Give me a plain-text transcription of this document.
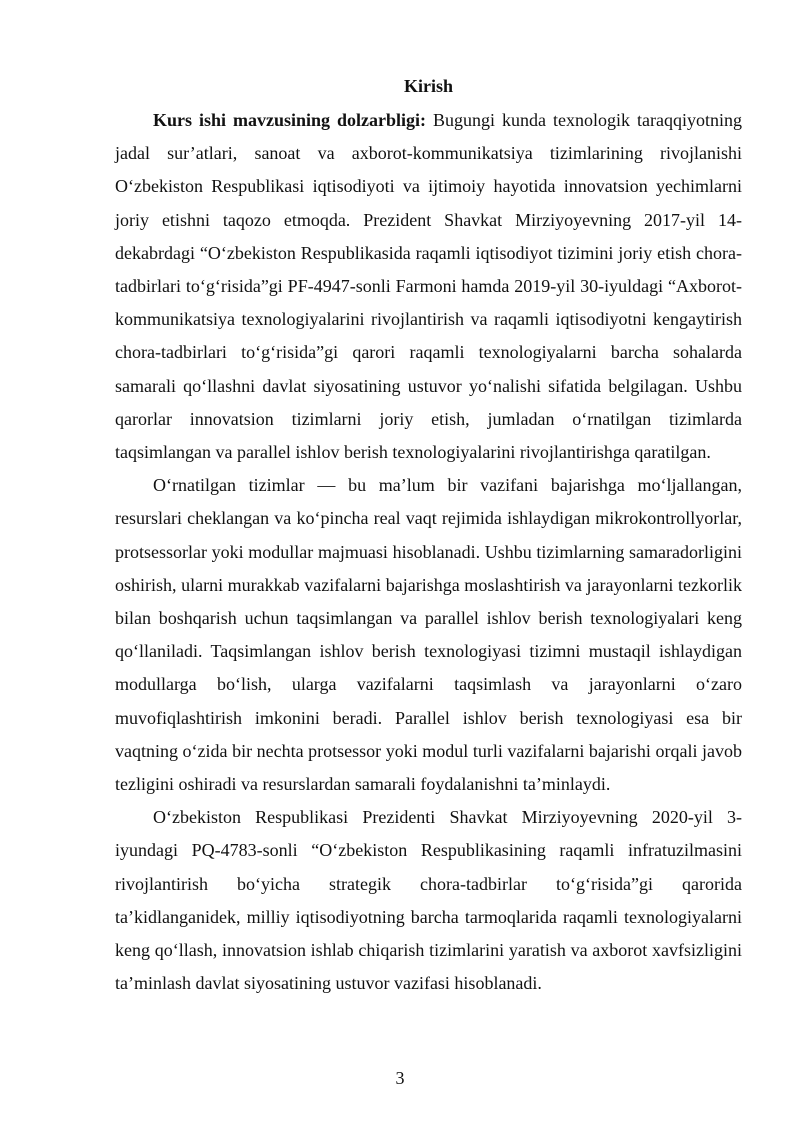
Kirish

Kurs ishi mavzusining dolzarbligi: Bugungi kunda texnologik taraqqiyotning jadal sur’atlari, sanoat va axborot-kommunikatsiya tizimlarining rivojlanishi O‘zbekiston Respublikasi iqtisodiyoti va ijtimoiy hayotida innovatsion yechimlarni joriy etishni taqozo etmoqda. Prezident Shavkat Mirziyoyevning 2017-yil 14-dekabrdagi “O‘zbekiston Respublikasida raqamli iqtisodiyot tizimini joriy etish chora-tadbirlari to‘g‘risida”gi PF-4947-sonli Farmoni hamda 2019-yil 30-iyuldagi “Axborot-kommunikatsiya texnologiyalarini rivojlantirish va raqamli iqtisodiyotni kengaytirish chora-tadbirlari to‘g‘risida”gi qarori raqamli texnologiyalarni barcha sohalarda samarali qo‘llashni davlat siyosatining ustuvor yo‘nalishi sifatida belgilagan. Ushbu qarorlar innovatsion tizimlarni joriy etish, jumladan o‘rnatilgan tizimlarda taqsimlangan va parallel ishlov berish texnologiyalarini rivojlantirishga qaratilgan.

O‘rnatilgan tizimlar — bu ma’lum bir vazifani bajarishga mo‘ljallangan, resurslari cheklangan va ko‘pincha real vaqt rejimida ishlaydigan mikrokontrollyorlar, protsessorlar yoki modullar majmuasi hisoblanadi. Ushbu tizimlarning samaradorligini oshirish, ularni murakkab vazifalarni bajarishga moslashtirish va jarayonlarni tezkorlik bilan boshqarish uchun taqsimlangan va parallel ishlov berish texnologiyalari keng qo‘llaniladi. Taqsimlangan ishlov berish texnologiyasi tizimni mustaqil ishlaydigan modullarga bo‘lish, ularga vazifalarni taqsimlash va jarayonlarni o‘zaro muvofiqlashtirish imkonini beradi. Parallel ishlov berish texnologiyasi esa bir vaqtning o‘zida bir nechta protsessor yoki modul turli vazifalarni bajarishi orqali javob tezligini oshiradi va resurslardan samarali foydalanishni ta’minlaydi.

O‘zbekiston Respublikasi Prezidenti Shavkat Mirziyoyevning 2020-yil 3-iyundagi PQ-4783-sonli “O‘zbekiston Respublikasining raqamli infratuzilmasini rivojlantirish bo‘yicha strategik chora-tadbirlar to‘g‘risida”gi qarorida ta’kidlanganidek, milliy iqtisodiyotning barcha tarmoqlarida raqamli texnologiyalarni keng qo‘llash, innovatsion ishlab chiqarish tizimlarini yaratish va axborot xavfsizligini ta’minlash davlat siyosatining ustuvor vazifasi hisoblanadi.

3
